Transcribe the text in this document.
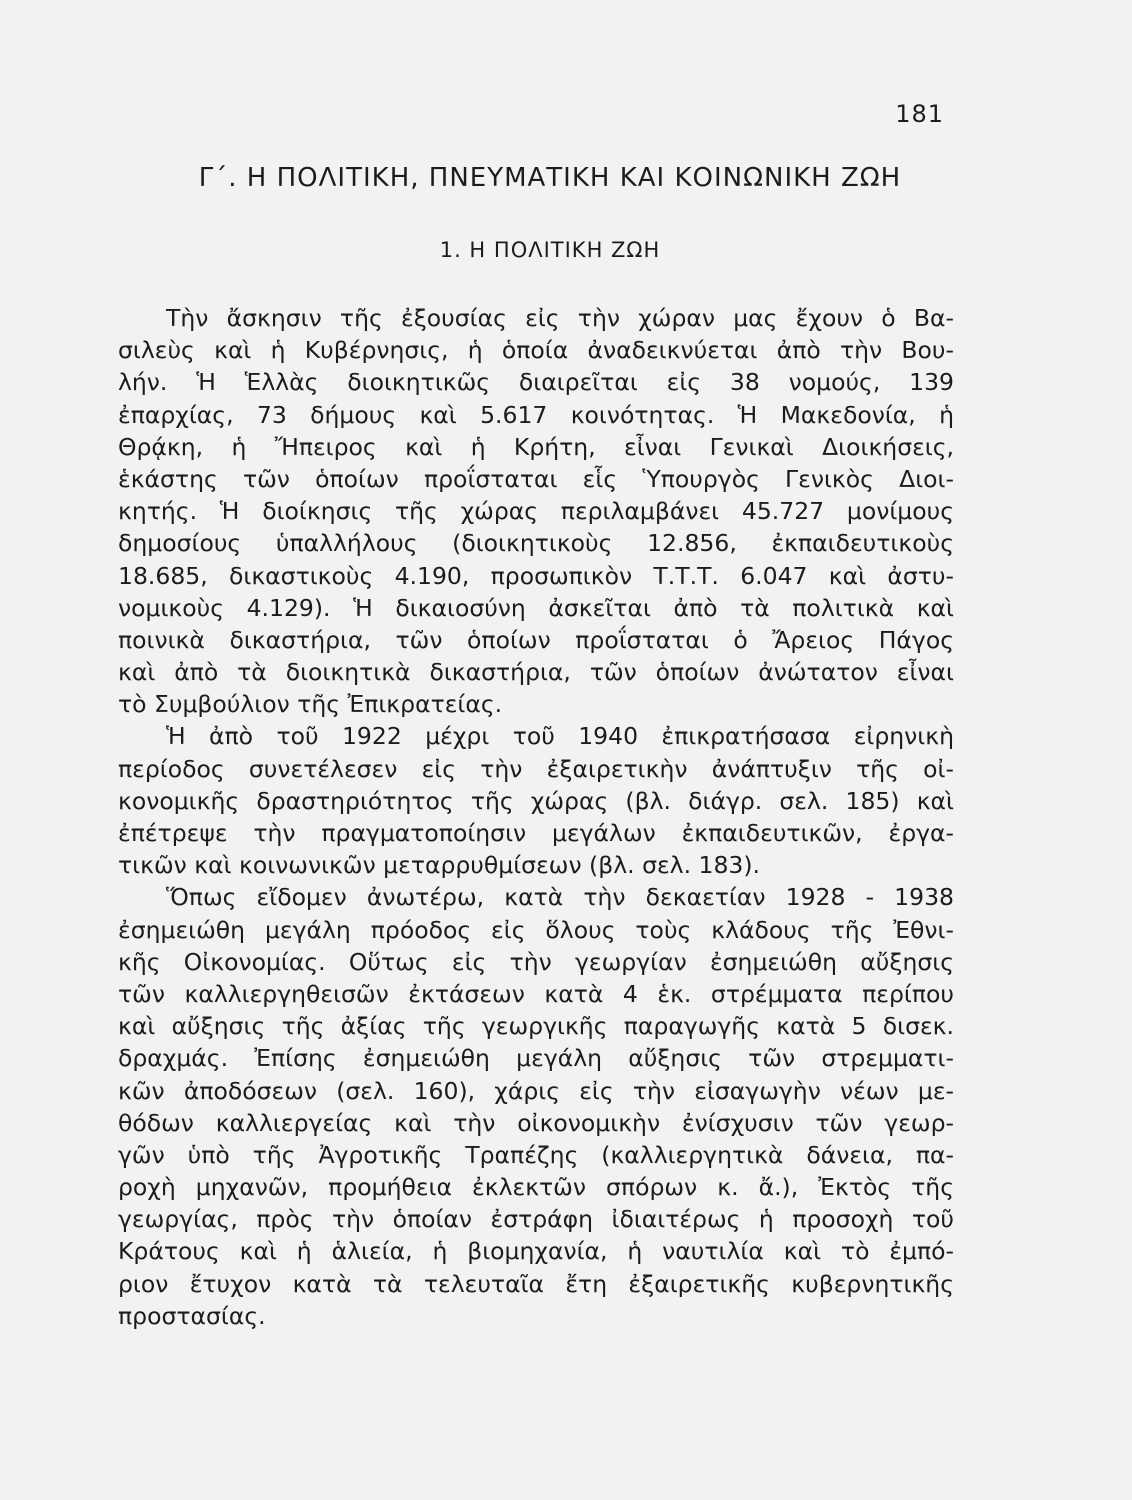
181
Γ΄. Η ΠΟΛΙΤΙΚΗ, ΠΝΕΥΜΑΤΙΚΗ ΚΑΙ ΚΟΙΝΩΝΙΚΗ ΖΩΗ
1. Η ΠΟΛΙΤΙΚΗ ΖΩΗ
Τὴν ἄσκησιν τῆς ἐξουσίας εἰς τὴν χώραν μας ἔχουν ὁ Βα-
σιλεὺς καὶ ἡ Κυβέρνησις, ἡ ὁποία ἀναδεικνύεται ἀπὸ τὴν Βου-
λήν. Ἡ Ἑλλὰς διοικητικῶς διαιρεῖται εἰς 38 νομούς, 139
ἐπαρχίας, 73 δήμους καὶ 5.617 κοινότητας. Ἡ Μακεδονία, ἡ
Θρᾴκη, ἡ Ἤπειρος καὶ ἡ Κρήτη, εἶναι Γενικαὶ Διοικήσεις,
ἑκάστης τῶν ὁποίων προΐσταται εἷς Ὑπουργὸς Γενικὸς Διοι-
κητής. Ἡ διοίκησις τῆς χώρας περιλαμβάνει 45.727 μονίμους
δημοσίους ὑπαλλήλους (διοικητικοὺς 12.856, ἐκπαιδευτικοὺς
18.685, δικαστικοὺς 4.190, προσωπικὸν Τ.Τ.Τ. 6.047 καὶ ἀστυ-
νομικοὺς 4.129). Ἡ δικαιοσύνη ἀσκεῖται ἀπὸ τὰ πολιτικὰ καὶ
ποινικὰ δικαστήρια, τῶν ὁποίων προΐσταται ὁ Ἄρειος Πάγος
καὶ ἀπὸ τὰ διοικητικὰ δικαστήρια, τῶν ὁποίων ἀνώτατον εἶναι
τὸ Συμβούλιον τῆς Ἐπικρατείας.
Ἡ ἀπὸ τοῦ 1922 μέχρι τοῦ 1940 ἐπικρατήσασα εἰρηνικὴ
περίοδος συνετέλεσεν εἰς τὴν ἐξαιρετικὴν ἀνάπτυξιν τῆς οἰ-
κονομικῆς δραστηριότητος τῆς χώρας (βλ. διάγρ. σελ. 185) καὶ
ἐπέτρεψε τὴν πραγματοποίησιν μεγάλων ἐκπαιδευτικῶν, ἐργα-
τικῶν καὶ κοινωνικῶν μεταρρυθμίσεων (βλ. σελ. 183).
Ὅπως εἴδομεν ἀνωτέρω, κατὰ τὴν δεκαετίαν 1928 - 1938
ἐσημειώθη μεγάλη πρόοδος εἰς ὅλους τοὺς κλάδους τῆς Ἐθνι-
κῆς Οἰκονομίας. Οὕτως εἰς τὴν γεωργίαν ἐσημειώθη αὔξησις
τῶν καλλιεργηθεισῶν ἐκτάσεων κατὰ 4 ἑκ. στρέμματα περίπου
καὶ αὔξησις τῆς ἀξίας τῆς γεωργικῆς παραγωγῆς κατὰ 5 δισεκ.
δραχμάς. Ἐπίσης ἐσημειώθη μεγάλη αὔξησις τῶν στρεμματι-
κῶν ἀποδόσεων (σελ. 160), χάρις εἰς τὴν εἰσαγωγὴν νέων με-
θόδων καλλιεργείας καὶ τὴν οἰκονομικὴν ἐνίσχυσιν τῶν γεωρ-
γῶν ὑπὸ τῆς Ἀγροτικῆς Τραπέζης (καλλιεργητικὰ δάνεια, πα-
ροχὴ μηχανῶν, προμήθεια ἐκλεκτῶν σπόρων κ. ἄ.), Ἐκτὸς τῆς
γεωργίας, πρὸς τὴν ὁποίαν ἐστράφη ἰδιαιτέρως ἡ προσοχὴ τοῦ
Κράτους καὶ ἡ ἁλιεία, ἡ βιομηχανία, ἡ ναυτιλία καὶ τὸ ἐμπό-
ριον ἔτυχον κατὰ τὰ τελευταῖα ἔτη ἐξαιρετικῆς κυβερνητικῆς
προστασίας.
